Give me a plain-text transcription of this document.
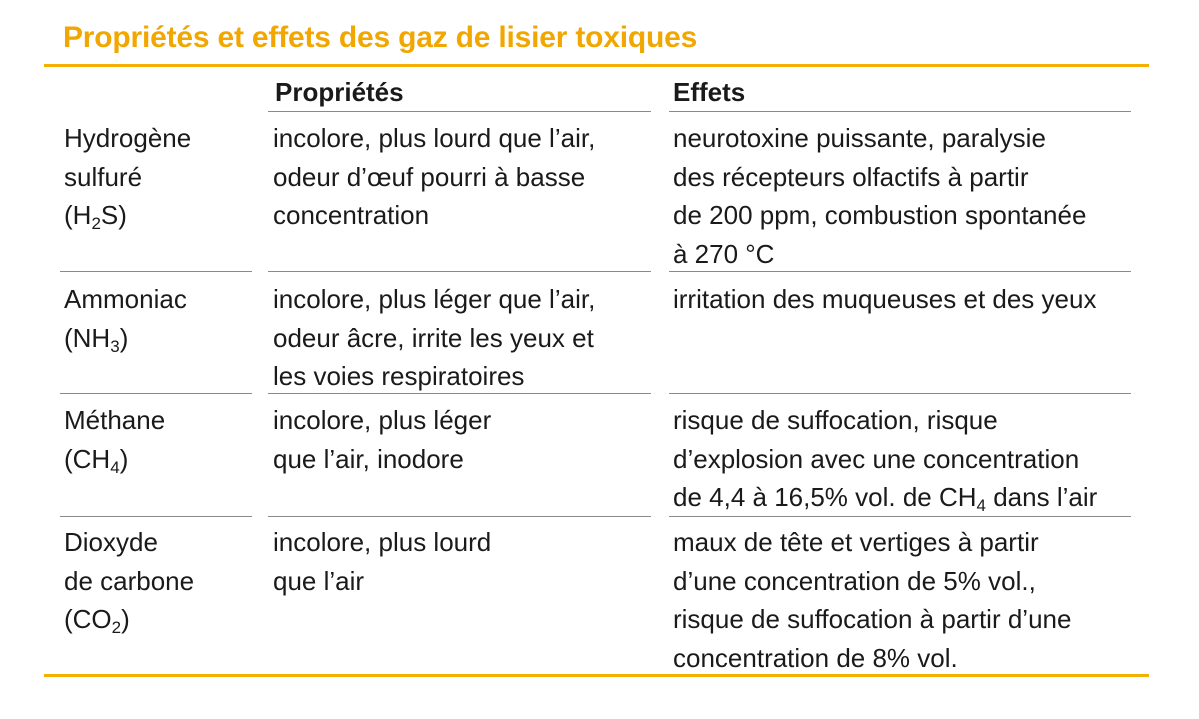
Propriétés et effets des gaz de lisier toxiques
Propriétés	Effets
Hydrogène
sulfuré
$(H_2S)$
incolore, plus lourd que l’air,
odeur d’œuf pourri à basse
concentration
neurotoxine puissante, paralysie
des récepteurs olfactifs à partir
de 200 ppm, combustion spontanée
à 270 °C
Ammoniac
$(NH_3)$
incolore, plus léger que l’air,
odeur âcre, irrite les yeux et
les voies respiratoires
irritation des muqueuses et des yeux
Méthane
$(CH_4)$
incolore, plus léger
que l’air, inodore
risque de suffocation, risque
d’explosion avec une concentration
de 4,4 à 16,5% vol. de $CH_4$ dans l’air
Dioxyde
de carbone
$(CO_2)$
incolore, plus lourd
que l’air
maux de tête et vertiges à partir
d’une concentration de 5% vol.,
risque de suffocation à partir d’une
concentration de 8% vol.
